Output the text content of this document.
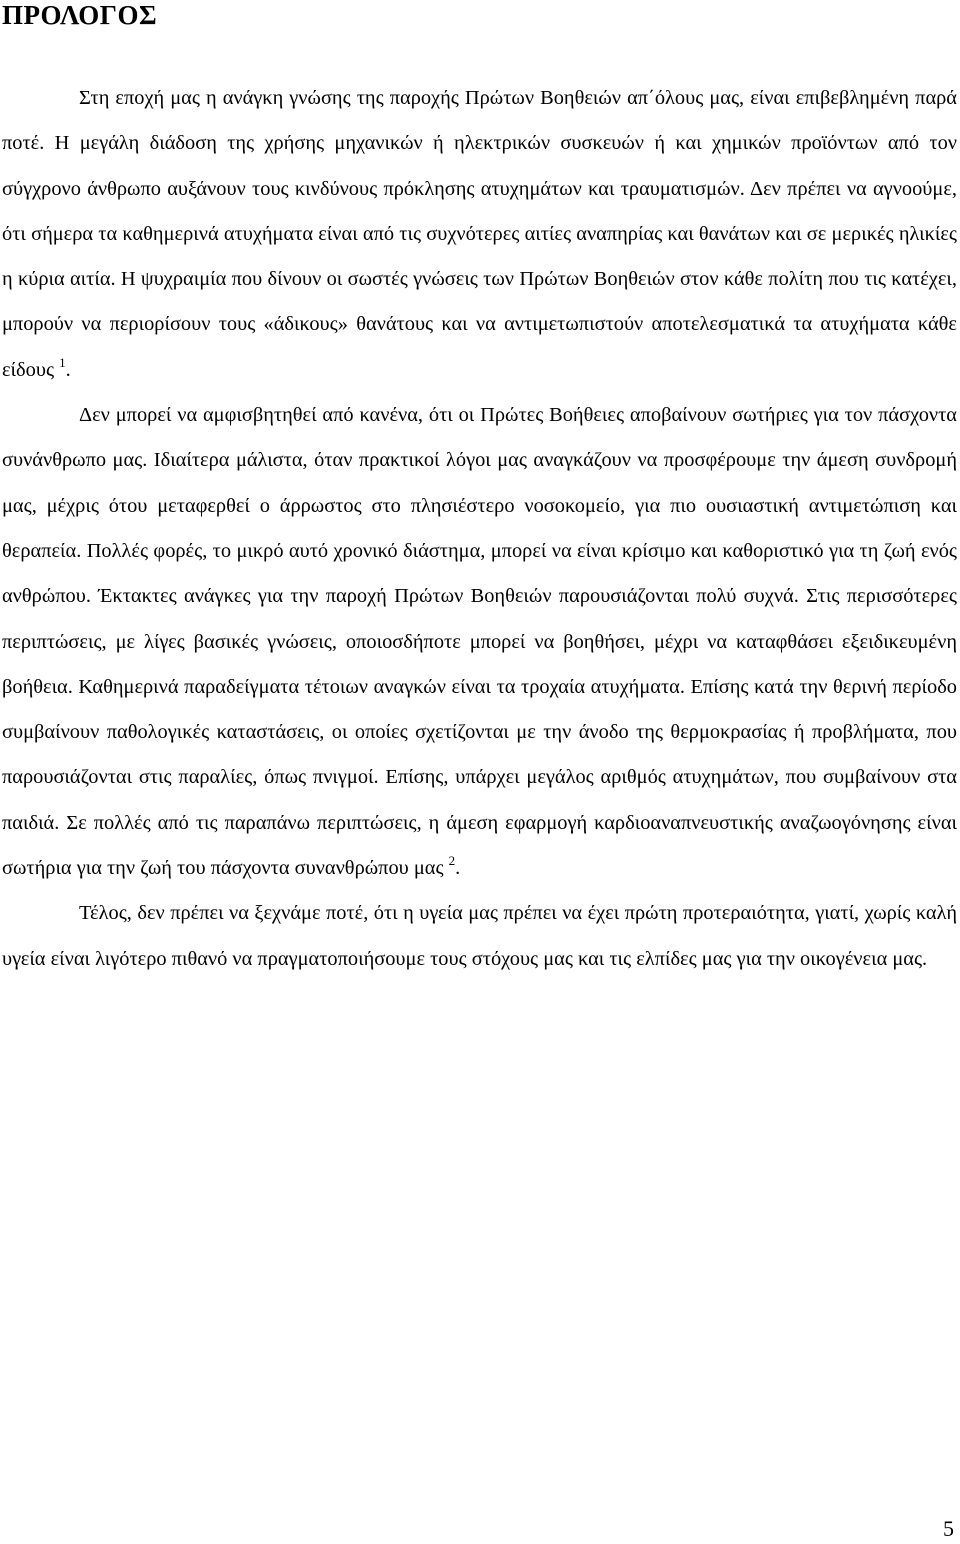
ΠΡΟΛΟΓΟΣ

Στη εποχή μας η ανάγκη γνώσης της παροχής Πρώτων Βοηθειών απ΄όλους μας, είναι επιβεβλημένη παρά ποτέ. Η μεγάλη διάδοση της χρήσης μηχανικών ή ηλεκτρικών συσκευών ή και χημικών προϊόντων από τον σύγχρονο άνθρωπο αυξάνουν τους κινδύνους πρόκλησης ατυχημάτων και τραυματισμών. Δεν πρέπει να αγνοούμε, ότι σήμερα τα καθημερινά ατυχήματα είναι από τις συχνότερες αιτίες αναπηρίας και θανάτων και σε μερικές ηλικίες η κύρια αιτία. Η ψυχραιμία που δίνουν οι σωστές γνώσεις των Πρώτων Βοηθειών στον κάθε πολίτη που τις κατέχει, μπορούν να περιορίσουν τους «άδικους» θανάτους και να αντιμετωπιστούν αποτελεσματικά τα ατυχήματα κάθε είδους $^1$.

Δεν μπορεί να αμφισβητηθεί από κανένα, ότι οι Πρώτες Βοήθειες αποβαίνουν σωτήριες για τον πάσχοντα συνάνθρωπο μας. Ιδιαίτερα μάλιστα, όταν πρακτικοί λόγοι μας αναγκάζουν να προσφέρουμε την άμεση συνδρομή μας, μέχρις ότου μεταφερθεί ο άρρωστος στο πλησιέστερο νοσοκομείο, για πιο ουσιαστική αντιμετώπιση και θεραπεία. Πολλές φορές, το μικρό αυτό χρονικό διάστημα, μπορεί να είναι κρίσιμο και καθοριστικό για τη ζωή ενός ανθρώπου. Έκτακτες ανάγκες για την παροχή Πρώτων Βοηθειών παρουσιάζονται πολύ συχνά. Στις περισσότερες περιπτώσεις, με λίγες βασικές γνώσεις, οποιοσδήποτε μπορεί να βοηθήσει, μέχρι να καταφθάσει εξειδικευμένη βοήθεια. Καθημερινά παραδείγματα τέτοιων αναγκών είναι τα τροχαία ατυχήματα. Επίσης κατά την θερινή περίοδο συμβαίνουν παθολογικές καταστάσεις, οι οποίες σχετίζονται με την άνοδο της θερμοκρασίας ή προβλήματα, που παρουσιάζονται στις παραλίες, όπως πνιγμοί. Επίσης, υπάρχει μεγάλος αριθμός ατυχημάτων, που συμβαίνουν στα παιδιά. Σε πολλές από τις παραπάνω περιπτώσεις, η άμεση εφαρμογή καρδιοαναπνευστικής αναζωογόνησης είναι σωτήρια για την ζωή του πάσχοντα συνανθρώπου μας $^2$.

Τέλος, δεν πρέπει να ξεχνάμε ποτέ, ότι η υγεία μας πρέπει να έχει πρώτη προτεραιότητα, γιατί, χωρίς καλή υγεία είναι λιγότερο πιθανό να πραγματοποιήσουμε τους στόχους μας και τις ελπίδες μας για την οικογένεια μας.

5
